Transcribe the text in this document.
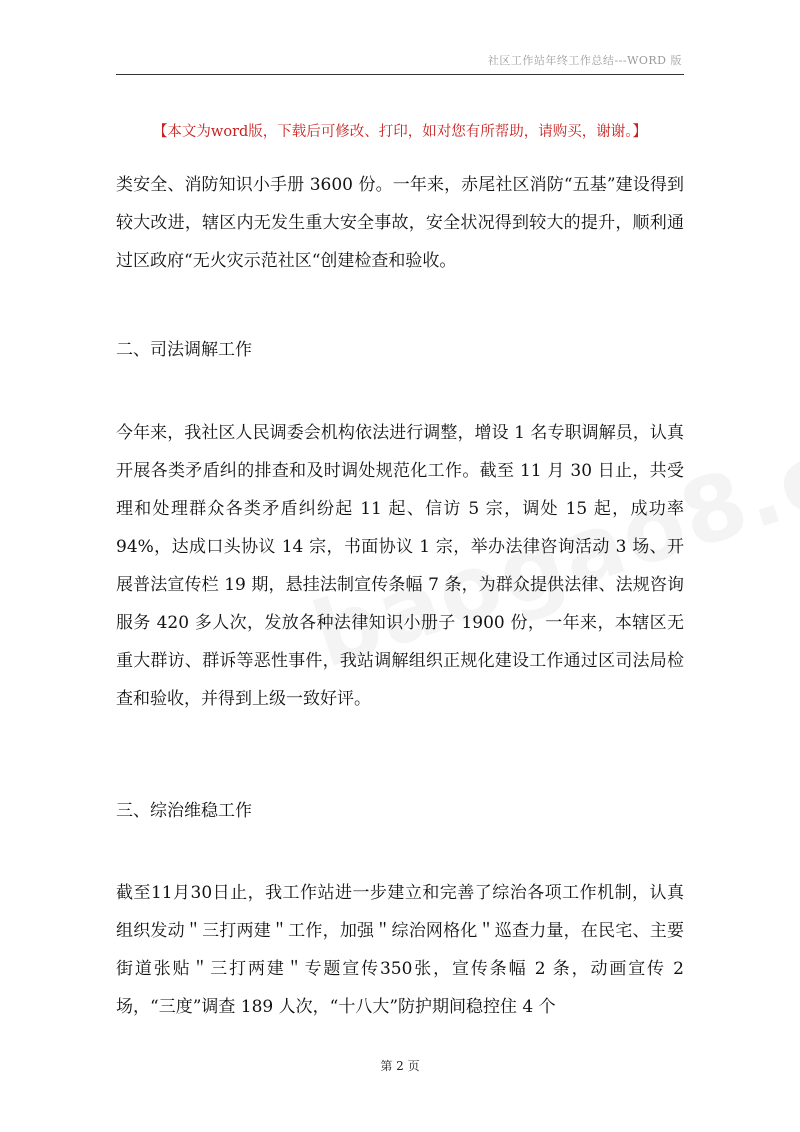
社区工作站年终工作总结---WORD 版
【本文为word版，下载后可修改、打印，如对您有所帮助，请购买，谢谢。】

类安全、消防知识小手册 3600 份。一年来，赤尾社区消防“五基”建设得到较大改进，辖区内无发生重大安全事故，安全状况得到较大的提升，顺利通过区政府“无火灾示范社区“创建检查和验收。

二、司法调解工作

今年来，我社区人民调委会机构依法进行调整，增设 1 名专职调解员，认真开展各类矛盾纠的排查和及时调处规范化工作。截至 11 月 30 日止，共受理和处理群众各类矛盾纠纷起 11 起、信访 5 宗，调处 15 起，成功率 94%，达成口头协议 14 宗，书面协议 1 宗，举办法律咨询活动 3 场、开展普法宣传栏 19 期，悬挂法制宣传条幅 7 条，为群众提供法律、法规咨询服务 420 多人次，发放各种法律知识小册子 1900 份，一年来，本辖区无重大群访、群诉等恶性事件，我站调解组织正规化建设工作通过区司法局检查和验收，并得到上级一致好评。

三、综治维稳工作

截至11月30日止，我工作站进一步建立和完善了综治各项工作机制，认真组织发动＂三打两建＂工作，加强＂综治网格化＂巡查力量，在民宅、主要街道张贴＂三打两建＂专题宣传350张，宣传条幅 2 条，动画宣传 2 场，“三度”调查 189 人次，“十八大”防护期间稳控住 4 个

第 2 页
